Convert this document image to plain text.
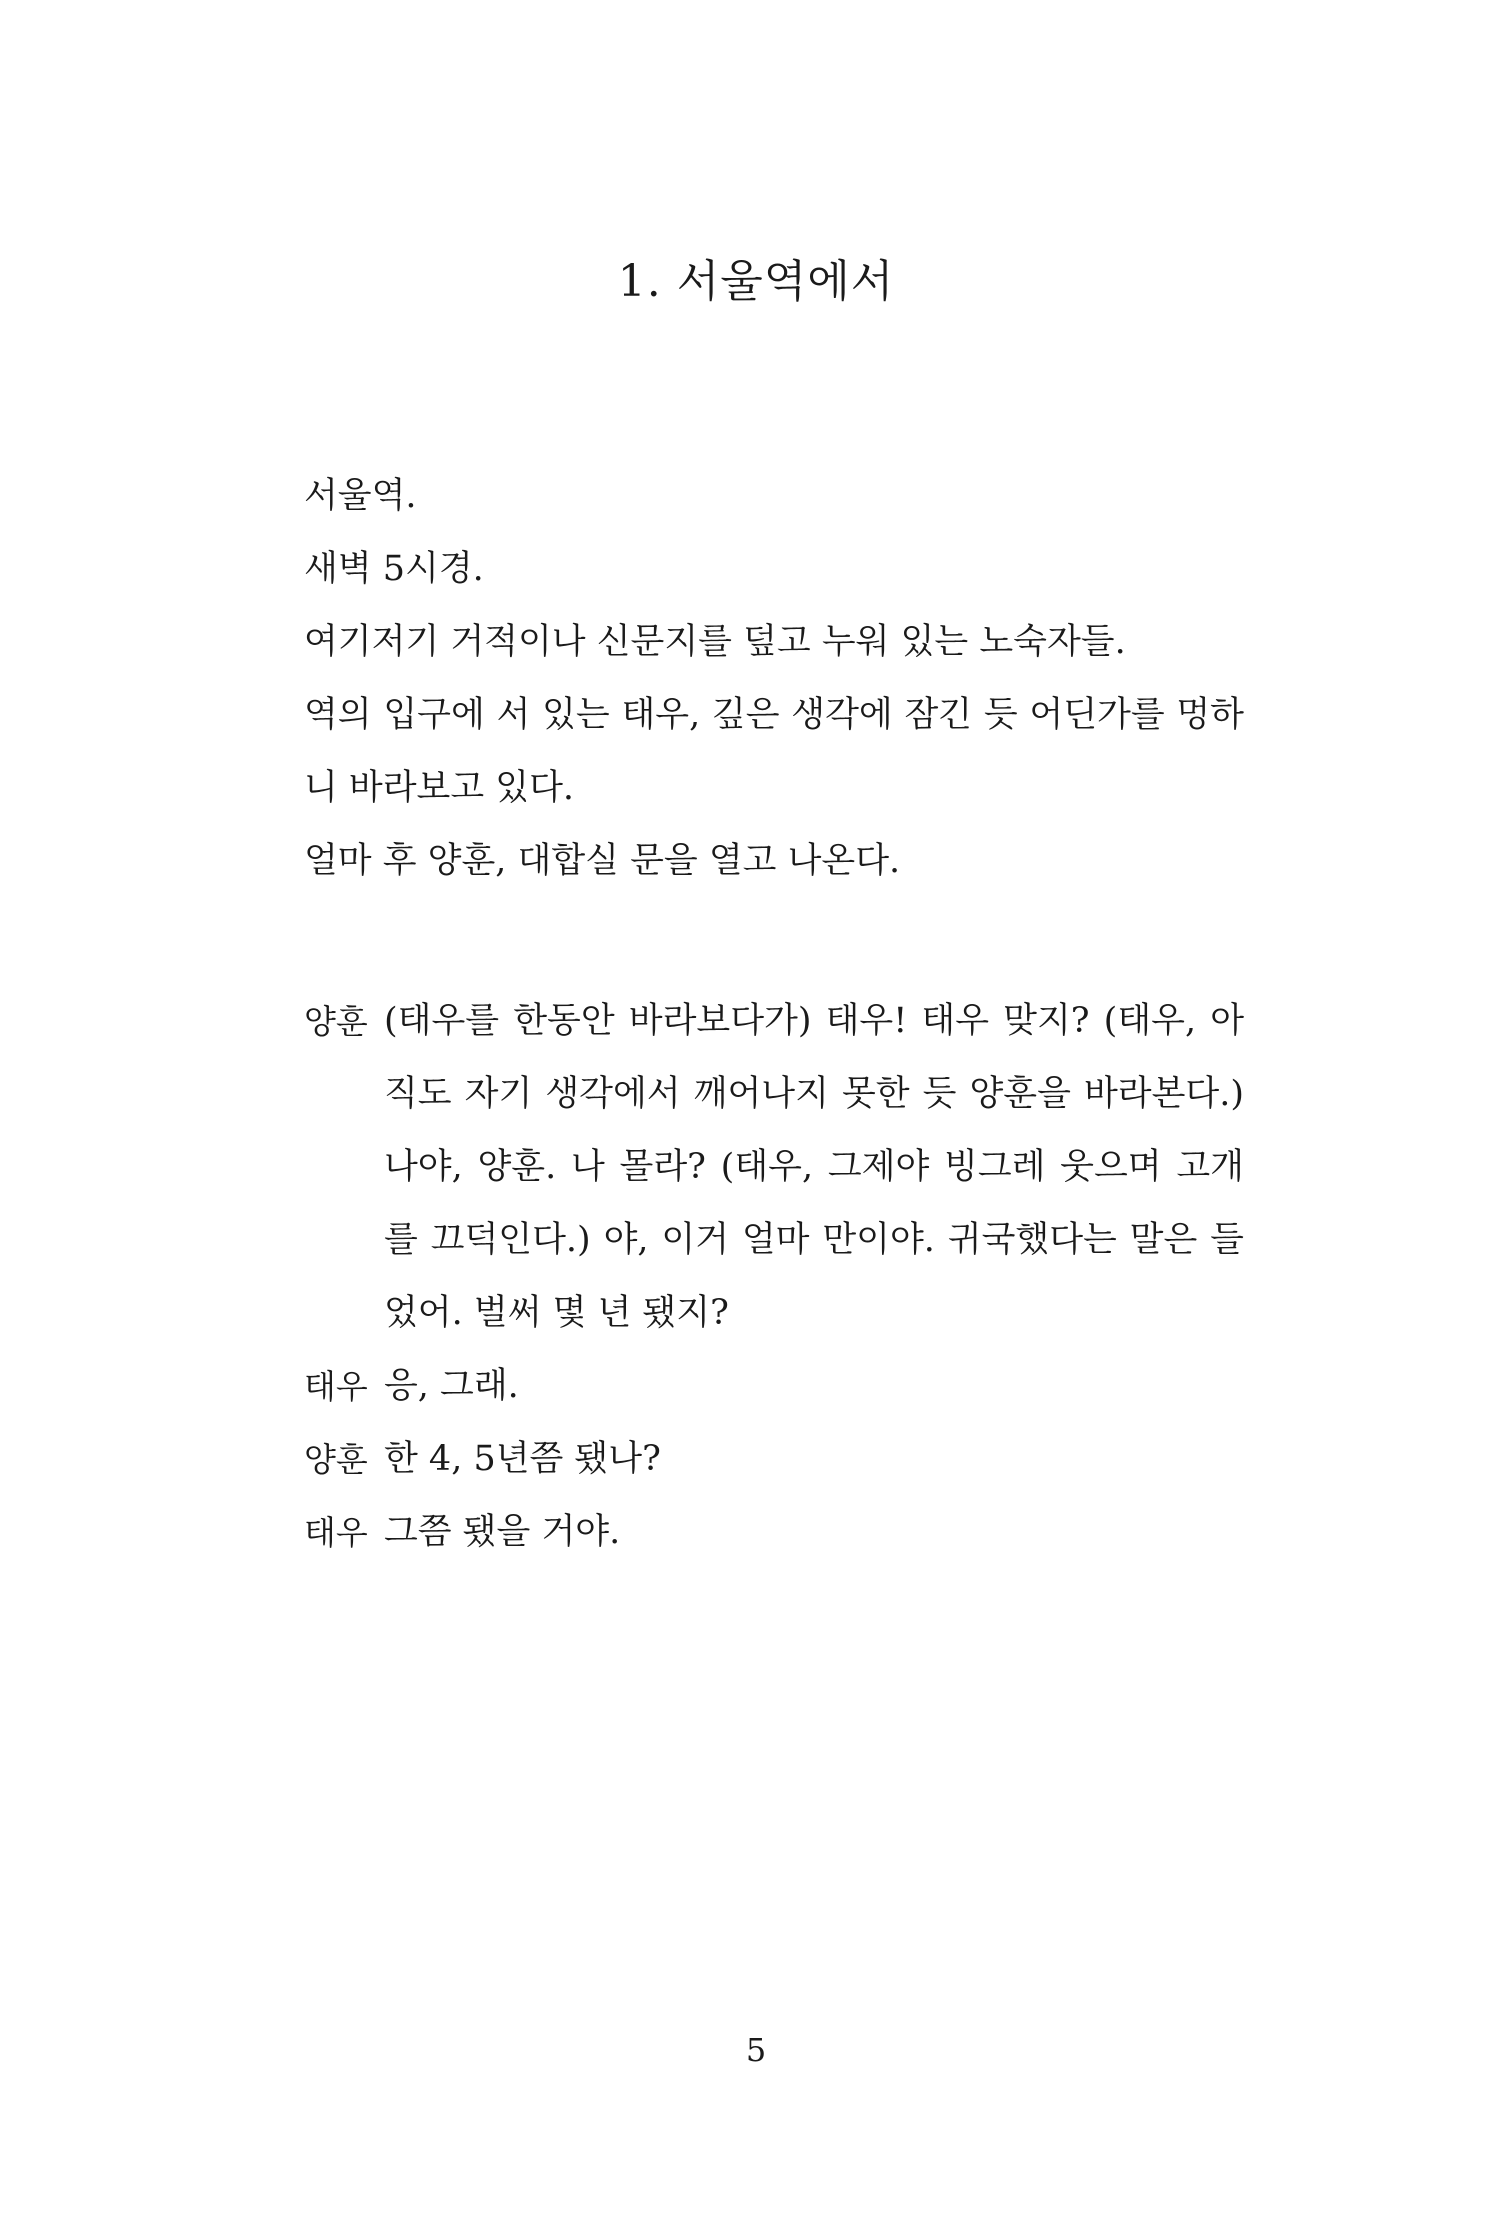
1. 서울역에서

서울역.

새벽 5시경.

여기저기 거적이나 신문지를 덮고 누워 있는 노숙자들.

역의 입구에 서 있는 태우, 깊은 생각에 잠긴 듯 어딘가를 멍하니 바라보고 있다.

얼마 후 양훈, 대합실 문을 열고 나온다.

양훈 (태우를 한동안 바라보다가) 태우! 태우 맞지? (태우, 아직도 자기 생각에서 깨어나지 못한 듯 양훈을 바라본다.) 나야, 양훈. 나 몰라? (태우, 그제야 빙그레 웃으며 고개를 끄덕인다.) 야, 이거 얼마 만이야. 귀국했다는 말은 들었어. 벌써 몇 년 됐지?
태우 응, 그래.
양훈 한 4, 5년쯤 됐나?
태우 그쯤 됐을 거야.
5
